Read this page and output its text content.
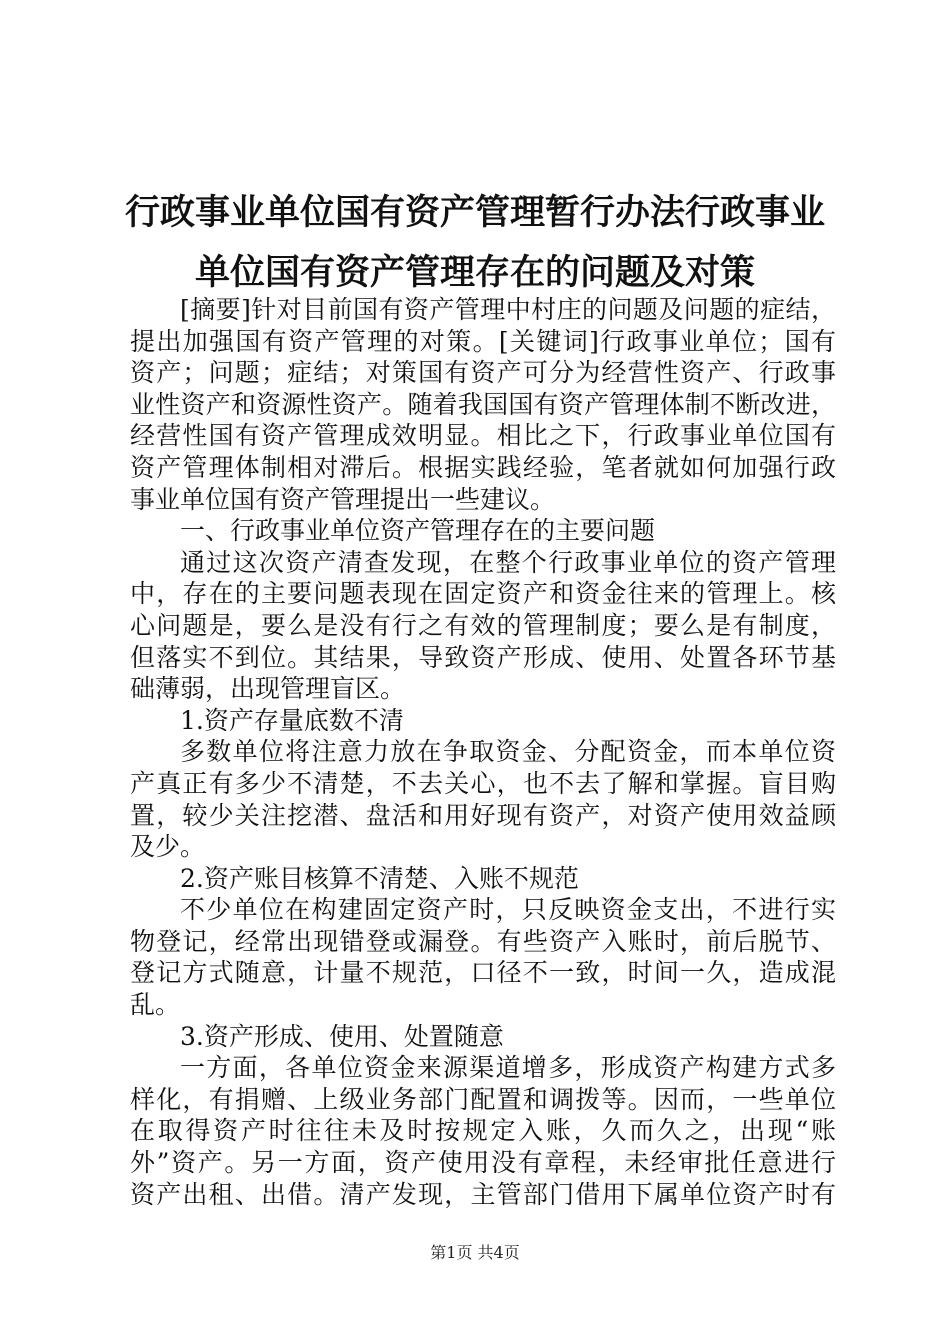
行政事业单位国有资产管理暂行办法行政事业
单位国有资产管理存在的问题及对策
[摘要]针对目前国有资产管理中村庄的问题及问题的症结，
提出加强国有资产管理的对策。[关键词]行政事业单位；国有
资产；问题；症结；对策国有资产可分为经营性资产、行政事
业性资产和资源性资产。随着我国国有资产管理体制不断改进，
经营性国有资产管理成效明显。相比之下，行政事业单位国有
资产管理体制相对滞后。根据实践经验，笔者就如何加强行政
事业单位国有资产管理提出一些建议。
一、行政事业单位资产管理存在的主要问题
通过这次资产清查发现，在整个行政事业单位的资产管理
中，存在的主要问题表现在固定资产和资金往来的管理上。核
心问题是，要么是没有行之有效的管理制度；要么是有制度，
但落实不到位。其结果，导致资产形成、使用、处置各环节基
础薄弱，出现管理盲区。
1.资产存量底数不清
多数单位将注意力放在争取资金、分配资金，而本单位资
产真正有多少不清楚，不去关心，也不去了解和掌握。盲目购
置，较少关注挖潜、盘活和用好现有资产，对资产使用效益顾
及少。
2.资产账目核算不清楚、入账不规范
不少单位在构建固定资产时，只反映资金支出，不进行实
物登记，经常出现错登或漏登。有些资产入账时，前后脱节、
登记方式随意，计量不规范，口径不一致，时间一久，造成混
乱。
3.资产形成、使用、处置随意
一方面，各单位资金来源渠道增多，形成资产构建方式多
样化，有捐赠、上级业务部门配置和调拨等。因而，一些单位
在取得资产时往往未及时按规定入账，久而久之，出现“账
外”资产。另一方面，资产使用没有章程，未经审批任意进行
资产出租、出借。清产发现，主管部门借用下属单位资产时有
第1页 共4页
